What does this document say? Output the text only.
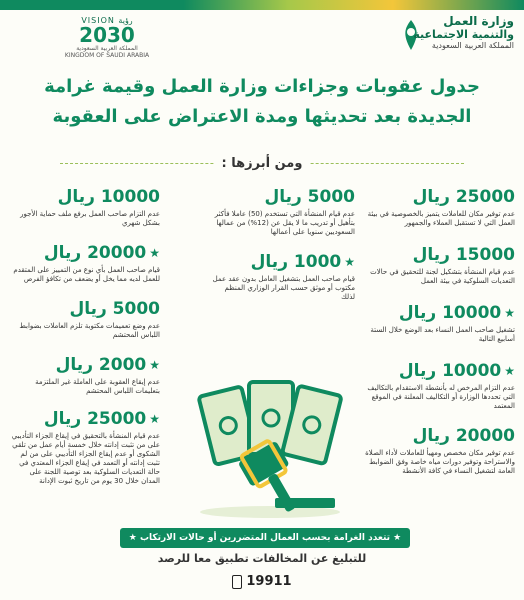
وزارة العمل
والتنمية الاجتماعية
المملكة العربية السعودية
VISION رؤية
2030
المملكة العربية السعودية KINGDOM OF SAUDI ARABIA
جدول عقوبات وجزاءات وزارة العمل وقيمة غرامة
الجديدة بعد تحديثها ومدة الاعتراض على العقوبة
ومن أبرزها :
25000 ريال
عدم توفير مكان للعاملات يتميز بالخصوصية في بيئة العمل التي لا تستقبل العملاء والجمهور
15000 ريال
عدم قيام المنشأة بتشكيل لجنة للتحقيق في حالات التعديات السلوكية في بيئة العمل
★10000 ريال
تشغيل صاحب العمل النساء بعد الوضع خلال الستة أسابيع التالية
★10000 ريال
عدم التزام المرخص له بأنشطة الاستقدام بالتكاليف التي تحددها الوزارة أو التكاليف المعلنة في الموقع المعتمد
20000 ريال
عدم توفير مكان مخصص ومهيأ للعاملات لأداء الصلاة والاستراحة وتوفير دورات مياه خاصة وفق الضوابط العامة لتشغيل النساء في كافة الأنشطة
5000 ريال
عدم قيام المنشأة التي تستخدم (50) عاملا فأكثر بتأهيل أو تدريب ما لا يقل عن (12%) من عمالها السعوديين سنويا على أعمالها
★1000 ريال
قيام صاحب العمل بتشغيل العامل بدون عقد عمل مكتوب أو موثق حسب القرار الوزاري المنظم لذلك
10000 ريال
عدم التزام صاحب العمل برفع ملف حماية الأجور بشكل شهري
★20000 ريال
قيام صاحب العمل بأي نوع من التمييز على المتقدم للعمل لديه مما يخل أو يضعف من تكافؤ الفرص
5000 ريال
عدم وضع تعميمات مكتوبة تلزم العاملات بضوابط اللباس المحتشم
★2000 ريال
عدم إيقاع العقوبة على العاملة غير الملتزمة بتعليمات اللباس المحتشم
★25000 ريال
عدم قيام المنشأة بالتحقيق في إيقاع الجزاء التأديبي على من تثبت إدانته خلال خمسة أيام عمل من تلقي الشكوى أو عدم إيقاع الجزاء التأديبي على من لم تثبت إدانته أو التعمد في إيقاع الجزاء المعتدي في حالة التعديات السلوكية بعد توصية اللجنة على المدان خلال 30 يوم من تاريخ ثبوت الإدانة
★ تتعدد الغرامة بحسب العمال المتضررين أو حالات الارتكاب ★
للتبليغ عن المخالفات تطبيق معا للرصد
19911
